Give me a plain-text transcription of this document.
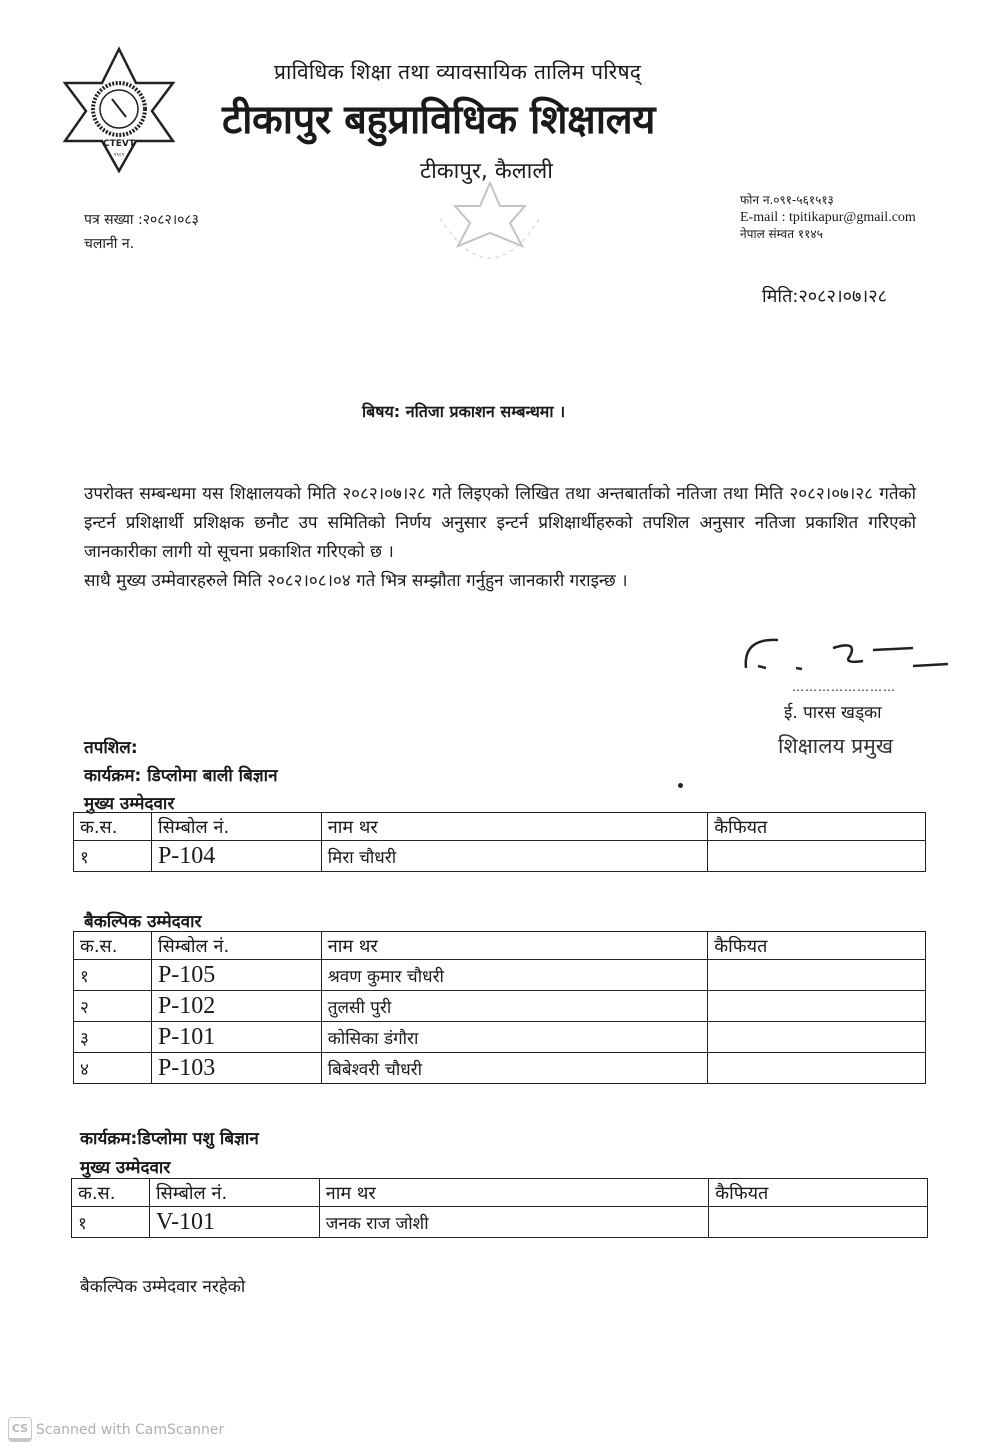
CTEVT
१९८९
प्राविधिक शिक्षा तथा व्यावसायिक तालिम परिषद्
टीकापुर बहुप्राविधिक शिक्षालय
टीकापुर, कैलाली
फोन न.०९१-५६१५१३
E-mail : tpitikapur@gmail.com
नेपाल संम्वत ११४५
पत्र सख्या :२०८२।०८३
चलानी न.
मिति:२०८२।०७।२८
बिषय: नतिजा प्रकाशन सम्बन्धमा ।

उपरोक्त सम्बन्धमा यस शिक्षालयको मिति २०८२।०७।२८ गते लिइएको लिखित तथा अन्तबार्ताको नतिजा तथा मिति २०८२।०७।२८ गतेको इन्टर्न प्रशिक्षार्थी प्रशिक्षक छनौट उप समितिको निर्णय अनुसार इन्टर्न प्रशिक्षार्थीहरुको तपशिल अनुसार नतिजा प्रकाशित गरिएको जानकारीका लागी यो सूचना प्रकाशित गरिएको छ ।

साथै मुख्य उम्मेवारहरुले मिति २०८२।०८।०४ गते भित्र सम्झौता गर्नुहुन जानकारी गराइन्छ ।

……………………
ई. पारस खड्का
शिक्षालय प्रमुख
तपशिल:
कार्यक्रम: डिप्लोमा बाली बिज्ञान
मुख्य उम्मेदवार
क.स.	सिम्बोल नं.	नाम थर	कैफियत
१	P-104	मिरा चौधरी	
बैकल्पिक उम्मेदवार
क.स.	सिम्बोल नं.	नाम थर	कैफियत
१	P-105	श्रवण कुमार चौधरी	
२	P-102	तुलसी पुरी	
३	P-101	कोसिका डंगौरा	
४	P-103	बिबेश्वरी चौधरी	
कार्यक्रम:डिप्लोमा पशु बिज्ञान
मुख्य उम्मेदवार
क.स.	सिम्बोल नं.	नाम थर	कैफियत
१	V-101	जनक राज जोशी	
बैकल्पिक उम्मेदवार नरहेको
CS Scanned with CamScanner
